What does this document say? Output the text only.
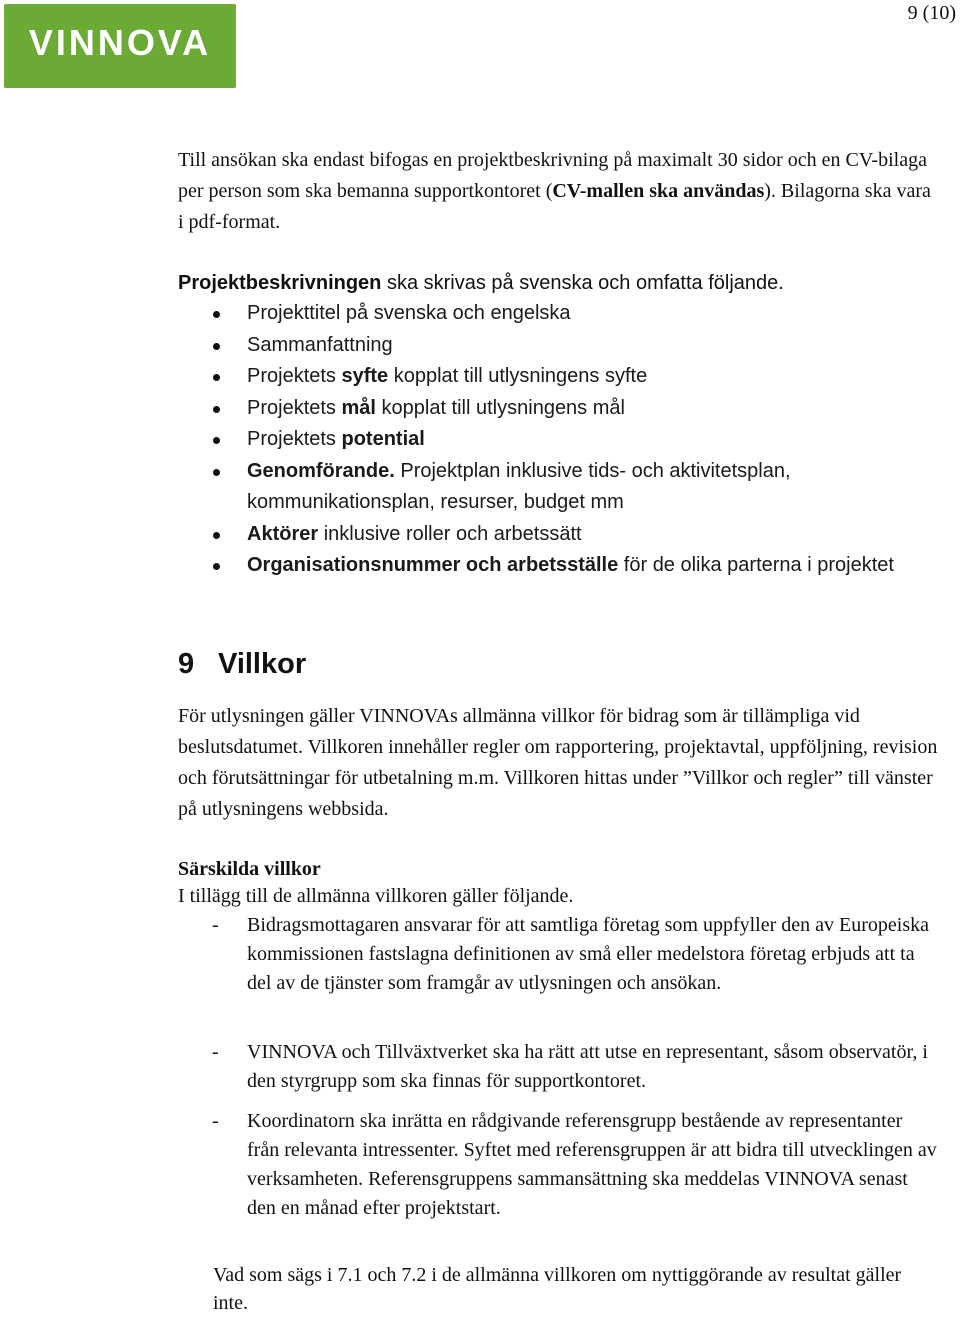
VINNOVA
9 (10)

Till ansökan ska endast bifogas en projektbeskrivning på maximalt 30 sidor och en CV-bilaga per person som ska bemanna supportkontoret (CV-mallen ska användas). Bilagorna ska vara i pdf-format.

Projektbeskrivningen ska skrivas på svenska och omfatta följande.

Projekttitel på svenska och engelska
Sammanfattning
Projektets syfte kopplat till utlysningens syfte
Projektets mål kopplat till utlysningens mål
Projektets potential
Genomförande. Projektplan inklusive tids- och aktivitetsplan, kommunikationsplan, resurser, budget mm
Aktörer inklusive roller och arbetssätt
Organisationsnummer och arbetsställe för de olika parterna i projektet
9 Villkor

För utlysningen gäller VINNOVAs allmänna villkor för bidrag som är tillämpliga vid beslutsdatumet. Villkoren innehåller regler om rapportering, projektavtal, uppföljning, revision och förutsättningar för utbetalning m.m. Villkoren hittas under ”Villkor och regler” till vänster på utlysningens webbsida.

Särskilda villkor

I tillägg till de allmänna villkoren gäller följande.

- Bidragsmottagaren ansvarar för att samtliga företag som uppfyller den av Europeiska kommissionen fastslagna definitionen av små eller medelstora företag erbjuds att ta del av de tjänster som framgår av utlysningen och ansökan.
- VINNOVA och Tillväxtverket ska ha rätt att utse en representant, såsom observatör, i den styrgrupp som ska finnas för supportkontoret.
- Koordinatorn ska inrätta en rådgivande referensgrupp bestående av representanter från relevanta intressenter. Syftet med referensgruppen är att bidra till utvecklingen av verksamheten. Referensgruppens sammansättning ska meddelas VINNOVA senast den en månad efter projektstart.

Vad som sägs i 7.1 och 7.2 i de allmänna villkoren om nyttiggörande av resultat gäller inte.
